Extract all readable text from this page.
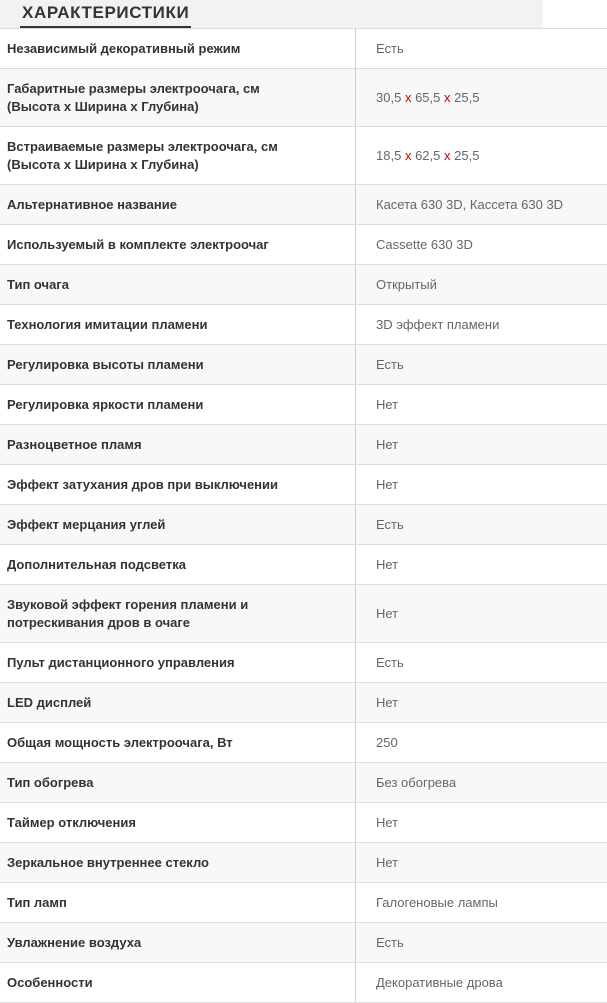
ХАРАКТЕРИСТИКИ
Независимый декоративный режим	Есть
Габаритные размеры электроочага, см
(Высота х Ширина х Глубина)	30,5 x 65,5 x 25,5
Встраиваемые размеры электроочага, см
(Высота х Ширина х Глубина)	18,5 x 62,5 x 25,5
Альтернативное название	Касета 630 3D, Кассета 630 3D
Используемый в комплекте электроочаг	Cassette 630 3D
Тип очага	Открытый
Технология имитации пламени	3D эффект пламени
Регулировка высоты пламени	Есть
Регулировка яркости пламени	Нет
Разноцветное пламя	Нет
Эффект затухания дров при выключении	Нет
Эффект мерцания углей	Есть
Дополнительная подсветка	Нет
Звуковой эффект горения пламени и
потрескивания дров в очаге	Нет
Пульт дистанционного управления	Есть
LED дисплей	Нет
Общая мощность электроочага, Вт	250
Тип обогрева	Без обогрева
Таймер отключения	Нет
Зеркальное внутреннее стекло	Нет
Тип ламп	Галогеновые лампы
Увлажнение воздуха	Есть
Особенности	Декоративные дрова
